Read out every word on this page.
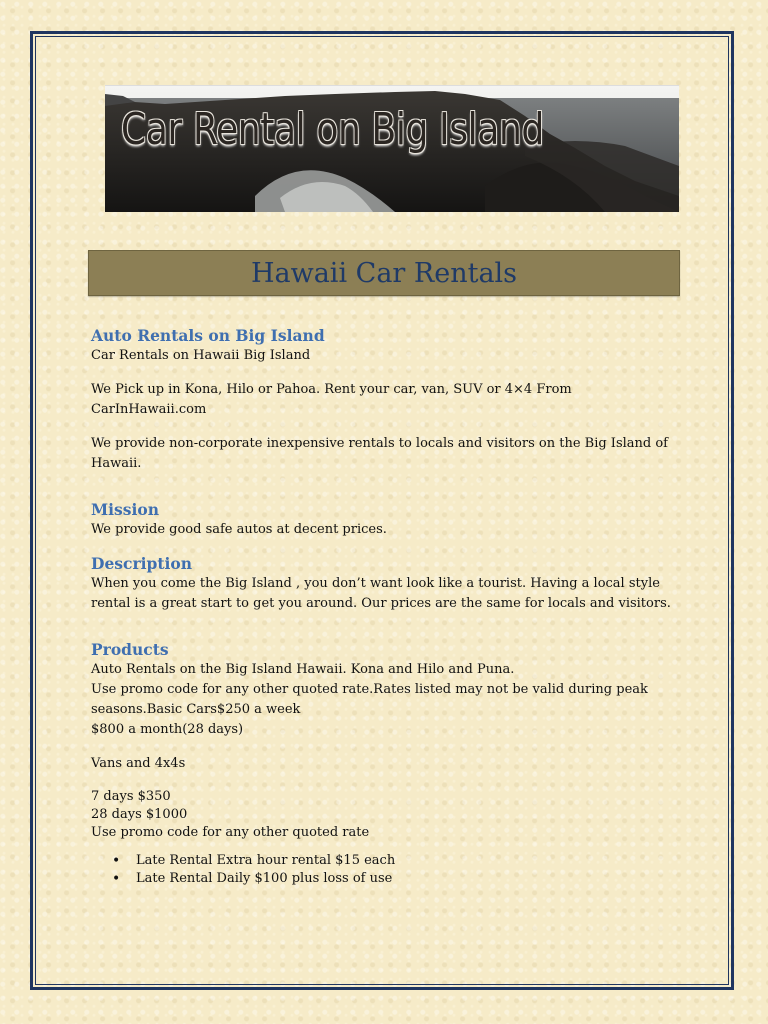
Car Rental on Big Island
Hawaii Car Rentals
Auto Rentals on Big Island

Car Rentals on Hawaii Big Island

We Pick up in Kona, Hilo or Pahoa. Rent your car, van, SUV or 4×4 From CarInHawaii.com

We provide non-corporate inexpensive rentals to locals and visitors on the Big Island of Hawaii.

Mission

We provide good safe autos at decent prices.

Description

When you come the Big Island , you don’t want look like a tourist. Having a local style rental is a great start to get you around. Our prices are the same for locals and visitors.

Products

Auto Rentals on the Big Island Hawaii. Kona and Hilo and Puna.

Use promo code for any other quoted rate.Rates listed may not be valid during peak seasons.Basic Cars$250 a week

$800 a month(28 days)

Vans and 4x4s

7 days $350

28 days $1000

Use promo code for any other quoted rate

• Late Rental Extra hour rental $15 each
• Late Rental Daily $100 plus loss of use
